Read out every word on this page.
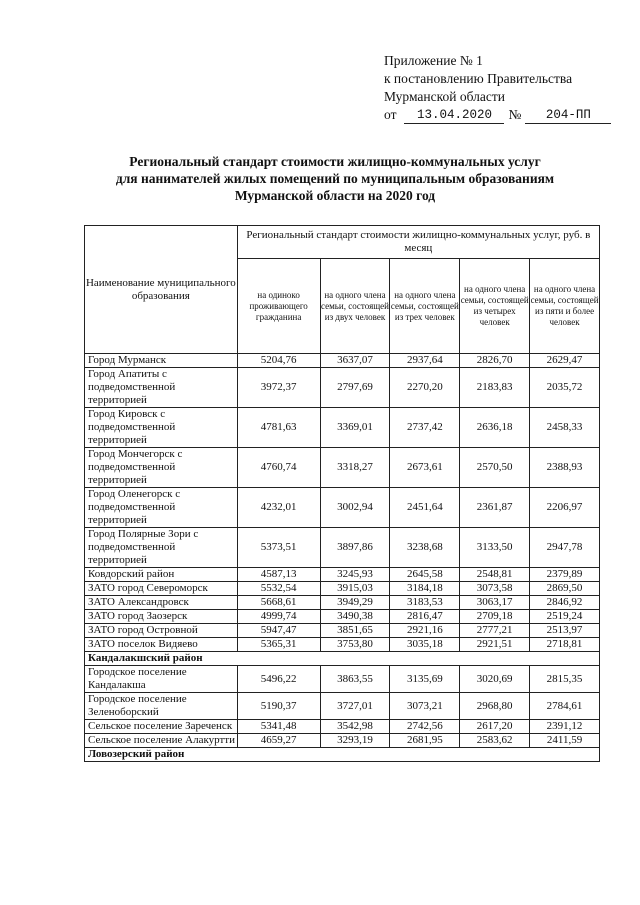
Приложение № 1
к постановлению Правительства
Мурманской области
от	13.04.2020	№	204-ПП
Региональный стандарт стоимости жилищно-коммунальных услуг
для нанимателей жилых помещений по муниципальным образованиям
Мурманской области на 2020 год
Наименование муниципального образования	Региональный стандарт стоимости жилищно-коммунальных услуг, руб. в месяц				
	на одиноко проживающего гражданина	на одного члена семьи, состоящей из двух человек	на одного члена семьи, состоящей из трех человек	на одного члена семьи, состоящей из четырех человек	на одного члена семьи, состоящей из пяти и более человек
Город Мурманск	5204,76	3637,07	2937,64	2826,70	2629,47
Город Апатиты с подведомственной территорией	3972,37	2797,69	2270,20	2183,83	2035,72
Город Кировск с подведомственной территорией	4781,63	3369,01	2737,42	2636,18	2458,33
Город Мончегорск с подведомственной территорией	4760,74	3318,27	2673,61	2570,50	2388,93
Город Оленегорск с подведомственной территорией	4232,01	3002,94	2451,64	2361,87	2206,97
Город Полярные Зори с подведомственной территорией	5373,51	3897,86	3238,68	3133,50	2947,78
Ковдорский район	4587,13	3245,93	2645,58	2548,81	2379,89
ЗАТО город Североморск	5532,54	3915,03	3184,18	3073,58	2869,50
ЗАТО Александровск	5668,61	3949,29	3183,53	3063,17	2846,92
ЗАТО город Заозерск	4999,74	3490,38	2816,47	2709,18	2519,24
ЗАТО город Островной	5947,47	3851,65	2921,16	2777,21	2513,97
ЗАТО поселок Видяево	5365,31	3753,80	3035,18	2921,51	2718,81
Кандалакшский район					
Городское поселение Кандалакша	5496,22	3863,55	3135,69	3020,69	2815,35
Городское поселение Зеленоборский	5190,37	3727,01	3073,21	2968,80	2784,61
Сельское поселение Зареченск	5341,48	3542,98	2742,56	2617,20	2391,12
Сельское поселение Алакуртти	4659,27	3293,19	2681,95	2583,62	2411,59
Ловозерский район					
